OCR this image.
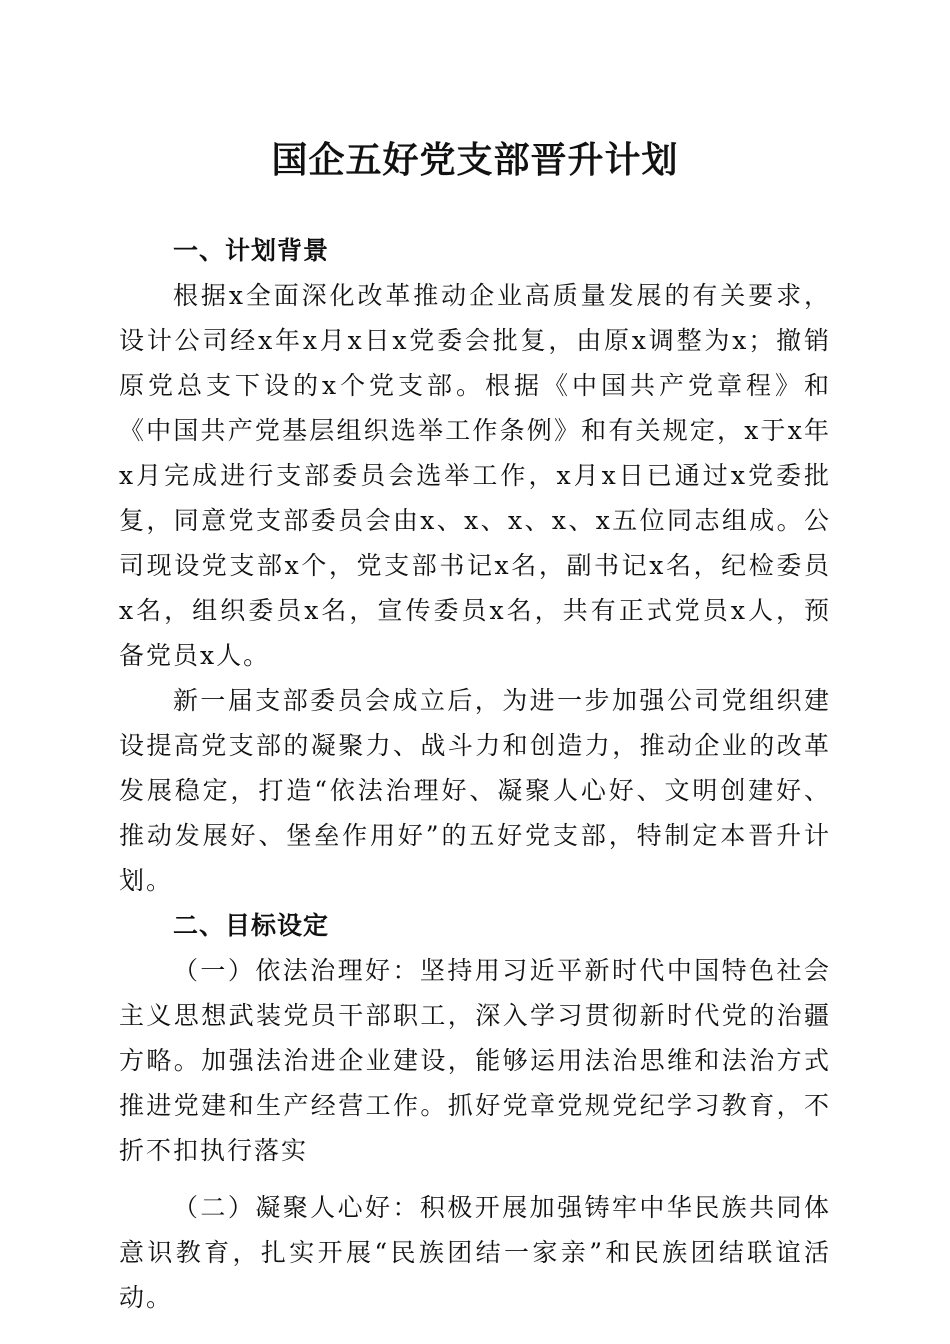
国企五好党支部晋升计划
一、计划背景

根据x全面深化改革推动企业高质量发展的有关要求，设计公司经x年x月x日x党委会批复，由原x调整为x；撤销原党总支下设的x个党支部。根据《中国共产党章程》和《中国共产党基层组织选举工作条例》和有关规定，x于x年x月完成进行支部委员会选举工作，x月x日已通过x党委批复，同意党支部委员会由x、x、x、x、x五位同志组成。公司现设党支部x个，党支部书记x名，副书记x名，纪检委员x名，组织委员x名，宣传委员x名，共有正式党员x人，预备党员x人。

新一届支部委员会成立后，为进一步加强公司党组织建设提高党支部的凝聚力、战斗力和创造力，推动企业的改革发展稳定，打造“依法治理好、凝聚人心好、文明创建好、推动发展好、堡垒作用好”的五好党支部，特制定本晋升计划。

二、目标设定

（一）依法治理好：坚持用习近平新时代中国特色社会主义思想武装党员干部职工，深入学习贯彻新时代党的治疆方略。加强法治进企业建设，能够运用法治思维和法治方式推进党建和生产经营工作。抓好党章党规党纪学习教育，不折不扣执行落实

（二）凝聚人心好：积极开展加强铸牢中华民族共同体意识教育，扎实开展“民族团结一家亲”和民族团结联谊活动。
